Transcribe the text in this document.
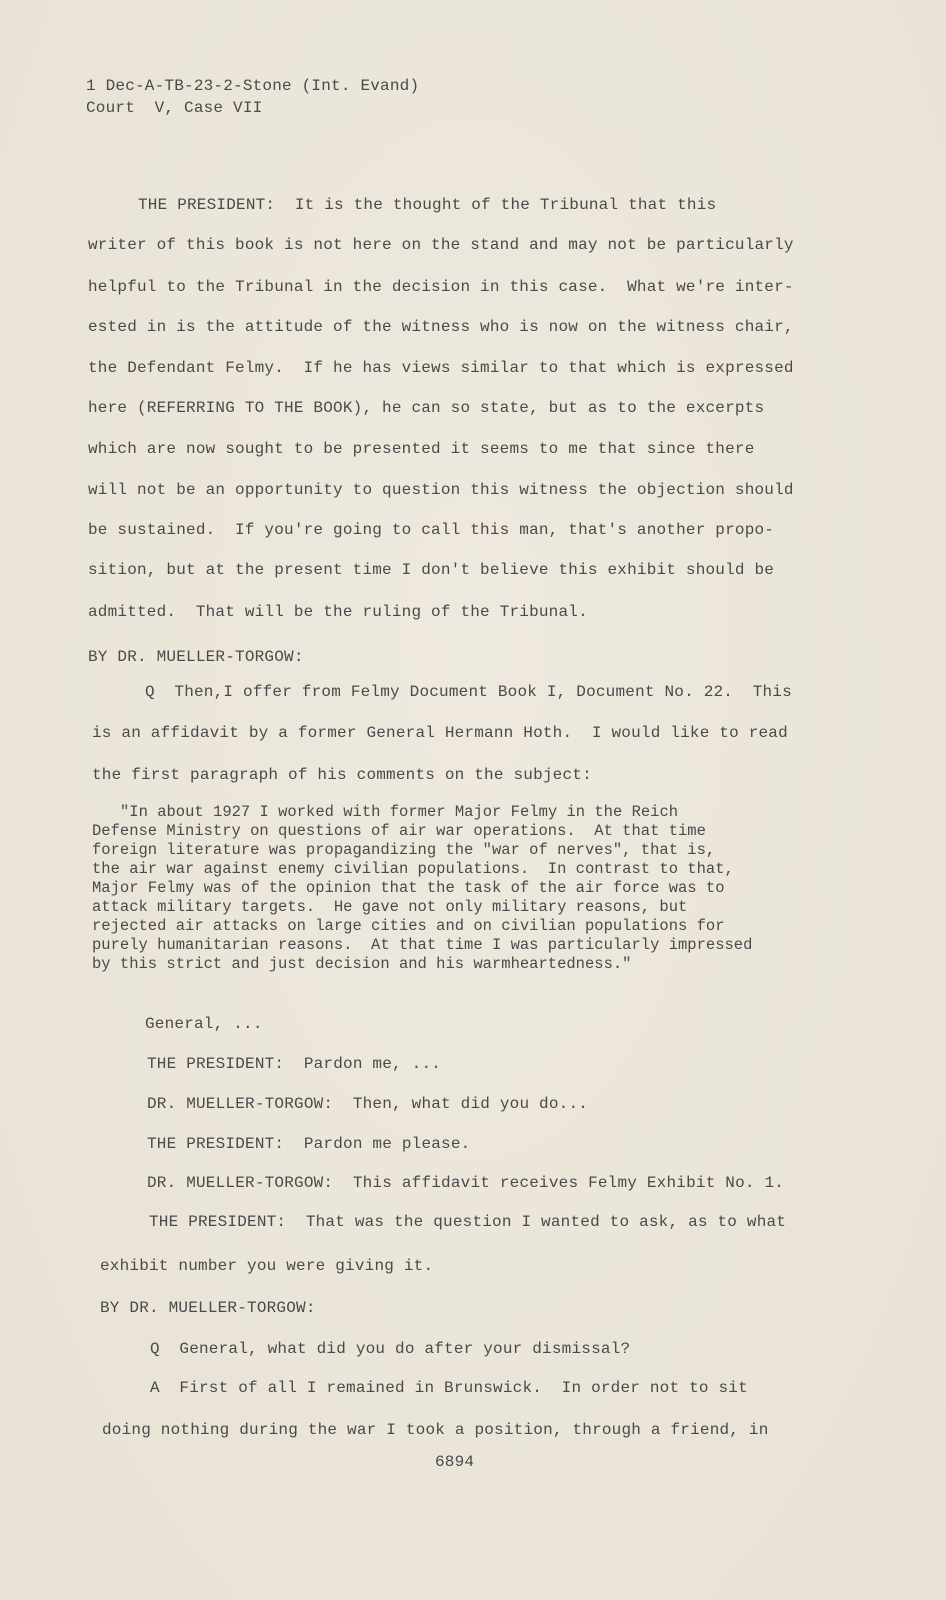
1 Dec-A-TB-23-2-Stone (Int. Evand)
Court  V, Case VII
THE PRESIDENT:  It is the thought of the Tribunal that this
writer of this book is not here on the stand and may not be particularly
helpful to the Tribunal in the decision in this case.  What we're inter-
ested in is the attitude of the witness who is now on the witness chair,
the Defendant Felmy.  If he has views similar to that which is expressed
here (REFERRING TO THE BOOK), he can so state, but as to the excerpts
which are now sought to be presented it seems to me that since there
will not be an opportunity to question this witness the objection should
be sustained.  If you're going to call this man, that's another propo-
sition, but at the present time I don't believe this exhibit should be
admitted.  That will be the ruling of the Tribunal.
BY DR. MUELLER-TORGOW:
Q  Then,I offer from Felmy Document Book I, Document No. 22.  This
is an affidavit by a former General Hermann Hoth.  I would like to read
the first paragraph of his comments on the subject:
"In about 1927 I worked with former Major Felmy in the Reich
Defense Ministry on questions of air war operations.  At that time
foreign literature was propagandizing the "war of nerves", that is,
the air war against enemy civilian populations.  In contrast to that,
Major Felmy was of the opinion that the task of the air force was to
attack military targets.  He gave not only military reasons, but
rejected air attacks on large cities and on civilian populations for
purely humanitarian reasons.  At that time I was particularly impressed
by this strict and just decision and his warmheartedness."
General, ...
THE PRESIDENT:  Pardon me, ...
DR. MUELLER-TORGOW:  Then, what did you do...
THE PRESIDENT:  Pardon me please.
DR. MUELLER-TORGOW:  This affidavit receives Felmy Exhibit No. 1.
THE PRESIDENT:  That was the question I wanted to ask, as to what
exhibit number you were giving it.
BY DR. MUELLER-TORGOW:
Q  General, what did you do after your dismissal?
A  First of all I remained in Brunswick.  In order not to sit
doing nothing during the war I took a position, through a friend, in
6894
